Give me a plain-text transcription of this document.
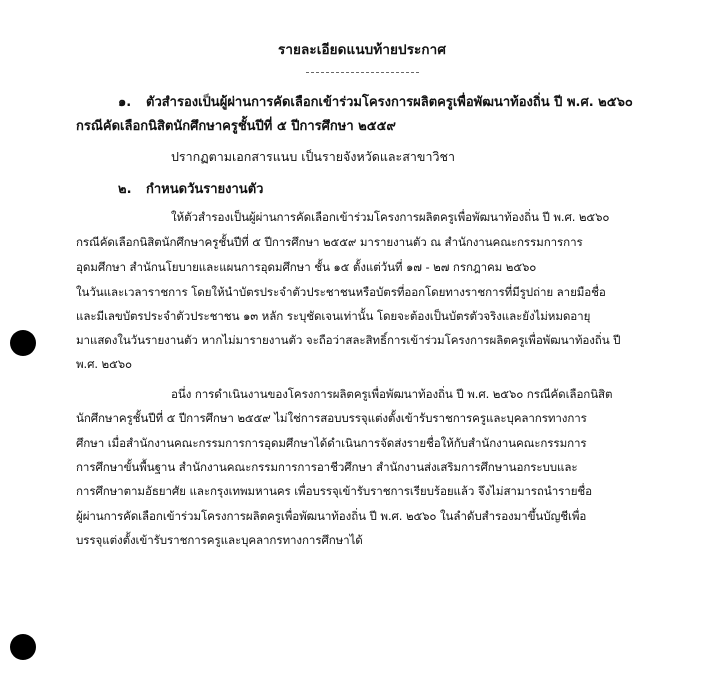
รายละเอียดแนบท้ายประกาศ
๑. ตัวสำรองเป็นผู้ผ่านการคัดเลือกเข้าร่วมโครงการผลิตครูเพื่อพัฒนาท้องถิ่น ปี พ.ศ. ๒๕๖๐
กรณีคัดเลือกนิสิตนักศึกษาครูชั้นปีที่ ๕ ปีการศึกษา ๒๕๕๙
ปรากฏตามเอกสารแนบ เป็นรายจังหวัดและสาขาวิชา
๒. กำหนดวันรายงานตัว
ให้ตัวสำรองเป็นผู้ผ่านการคัดเลือกเข้าร่วมโครงการผลิตครูเพื่อพัฒนาท้องถิ่น ปี พ.ศ. ๒๕๖๐
กรณีคัดเลือกนิสิตนักศึกษาครูชั้นปีที่ ๕ ปีการศึกษา ๒๕๕๙ มารายงานตัว ณ สำนักงานคณะกรรมการการ
อุดมศึกษา สำนักนโยบายและแผนการอุดมศึกษา ชั้น ๑๕ ตั้งแต่วันที่ ๑๗ - ๒๗ กรกฎาคม ๒๕๖๐
ในวันและเวลาราชการ โดยให้นำบัตรประจำตัวประชาชนหรือบัตรที่ออกโดยทางราชการที่มีรูปถ่าย ลายมือชื่อ
และมีเลขบัตรประจำตัวประชาชน ๑๓ หลัก ระบุชัดเจนเท่านั้น โดยจะต้องเป็นบัตรตัวจริงและยังไม่หมดอายุ
มาแสดงในวันรายงานตัว หากไม่มารายงานตัว จะถือว่าสละสิทธิ์การเข้าร่วมโครงการผลิตครูเพื่อพัฒนาท้องถิ่น ปี
พ.ศ. ๒๕๖๐
อนึ่ง การดำเนินงานของโครงการผลิตครูเพื่อพัฒนาท้องถิ่น ปี พ.ศ. ๒๕๖๐ กรณีคัดเลือกนิสิต
นักศึกษาครูชั้นปีที่ ๕ ปีการศึกษา ๒๕๕๙ ไม่ใช่การสอบบรรจุแต่งตั้งเข้ารับราชการครูและบุคลากรทางการ
ศึกษา เมื่อสำนักงานคณะกรรมการการอุดมศึกษาได้ดำเนินการจัดส่งรายชื่อให้กับสำนักงานคณะกรรมการ
การศึกษาขั้นพื้นฐาน สำนักงานคณะกรรมการการอาชีวศึกษา สำนักงานส่งเสริมการศึกษานอกระบบและ
การศึกษาตามอัธยาศัย และกรุงเทพมหานคร เพื่อบรรจุเข้ารับราชการเรียบร้อยแล้ว จึงไม่สามารถนำรายชื่อ
ผู้ผ่านการคัดเลือกเข้าร่วมโครงการผลิตครูเพื่อพัฒนาท้องถิ่น ปี พ.ศ. ๒๕๖๐ ในลำดับสำรองมาขึ้นบัญชีเพื่อ
บรรจุแต่งตั้งเข้ารับราชการครูและบุคลากรทางการศึกษาได้
